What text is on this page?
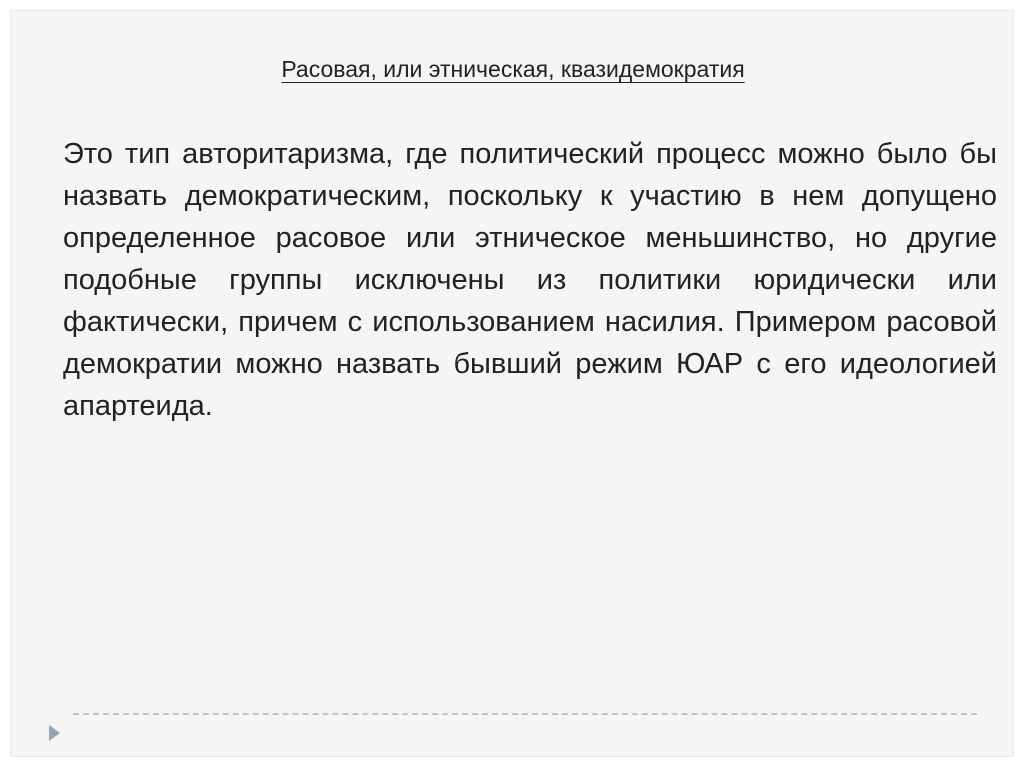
Расовая, или этническая, квазидемократия

Это тип авторитаризма, где политический процесс можно было бы назвать демократическим, поскольку к участию в нем допущено определенное расовое или этническое меньшинство, но другие подобные группы исключены из политики юридически или фактически, причем с использованием насилия. Примером расовой демократии можно назвать бывший режим ЮАР с его идеологией апартеида.
